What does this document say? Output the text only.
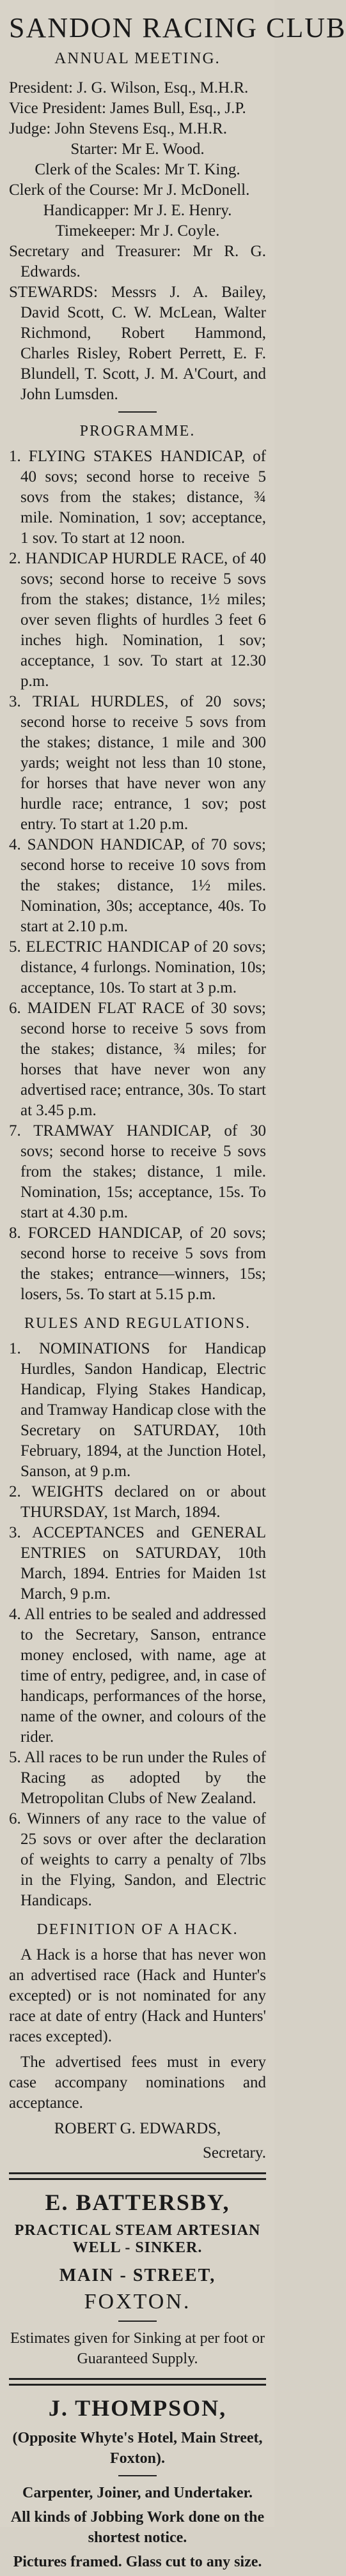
SANDON RACING CLUB
ANNUAL MEETING.

President: J. G. Wilson, Esq., M.H.R.

Vice President: James Bull, Esq., J.P.

Judge: John Stevens Esq., M.H.R.

Starter: Mr E. Wood.

Clerk of the Scales: Mr T. King.

Clerk of the Course: Mr J. McDonell.

Handicapper: Mr J. E. Henry.

Timekeeper: Mr J. Coyle.

Secretary and Treasurer: Mr R. G. Edwards.

STEWARDS: Messrs J. A. Bailey, David Scott, C. W. McLean, Walter Richmond, Robert Hammond, Charles Risley, Robert Perrett, E. F. Blundell, T. Scott, J. M. A'Court, and John Lumsden.

PROGRAMME.

1. FLYING STAKES HANDICAP, of 40 sovs; second horse to receive 5 sovs from the stakes; distance, ¾ mile. Nomination, 1 sov; acceptance, 1 sov. To start at 12 noon.

2. HANDICAP HURDLE RACE, of 40 sovs; second horse to receive 5 sovs from the stakes; distance, 1½ miles; over seven flights of hurdles 3 feet 6 inches high. Nomination, 1 sov; acceptance, 1 sov. To start at 12.30 p.m.

3. TRIAL HURDLES, of 20 sovs; second horse to receive 5 sovs from the stakes; distance, 1 mile and 300 yards; weight not less than 10 stone, for horses that have never won any hurdle race; entrance, 1 sov; post entry. To start at 1.20 p.m.

4. SANDON HANDICAP, of 70 sovs; second horse to receive 10 sovs from the stakes; distance, 1½ miles. Nomination, 30s; acceptance, 40s. To start at 2.10 p.m.

5. ELECTRIC HANDICAP of 20 sovs; distance, 4 furlongs. Nomination, 10s; acceptance, 10s. To start at 3 p.m.

6. MAIDEN FLAT RACE of 30 sovs; second horse to receive 5 sovs from the stakes; distance, ¾ miles; for horses that have never won any advertised race; entrance, 30s. To start at 3.45 p.m.

7. TRAMWAY HANDICAP, of 30 sovs; second horse to receive 5 sovs from the stakes; distance, 1 mile. Nomination, 15s; acceptance, 15s. To start at 4.30 p.m.

8. FORCED HANDICAP, of 20 sovs; second horse to receive 5 sovs from the stakes; entrance—winners, 15s; losers, 5s. To start at 5.15 p.m.

RULES AND REGULATIONS.

1. NOMINATIONS for Handicap Hurdles, Sandon Handicap, Electric Handicap, Flying Stakes Handicap, and Tramway Handicap close with the Secretary on SATURDAY, 10th February, 1894, at the Junction Hotel, Sanson, at 9 p.m.

2. WEIGHTS declared on or about THURSDAY, 1st March, 1894.

3. ACCEPTANCES and GENERAL ENTRIES on SATURDAY, 10th March, 1894. Entries for Maiden 1st March, 9 p.m.

4. All entries to be sealed and addressed to the Secretary, Sanson, entrance money enclosed, with name, age at time of entry, pedigree, and, in case of handicaps, performances of the horse, name of the owner, and colours of the rider.

5. All races to be run under the Rules of Racing as adopted by the Metropolitan Clubs of New Zealand.

6. Winners of any race to the value of 25 sovs or over after the declaration of weights to carry a penalty of 7lbs in the Flying, Sandon, and Electric Handicaps.

DEFINITION OF A HACK.

A Hack is a horse that has never won an advertised race (Hack and Hunter's excepted) or is not nominated for any race at date of entry (Hack and Hunters' races excepted).

The advertised fees must in every case accompany nominations and acceptance.

ROBERT G. EDWARDS,
Secretary.
E. BATTERSBY,
PRACTICAL STEAM ARTESIAN WELL - SINKER.
MAIN - STREET,
FOXTON.
Estimates given for Sinking at per foot or Guaranteed Supply.
J. THOMPSON,
(Opposite Whyte's Hotel, Main Street, Foxton).
Carpenter, Joiner, and Undertaker.
All kinds of Jobbing Work done on the shortest notice.
Pictures framed. Glass cut to any size.
